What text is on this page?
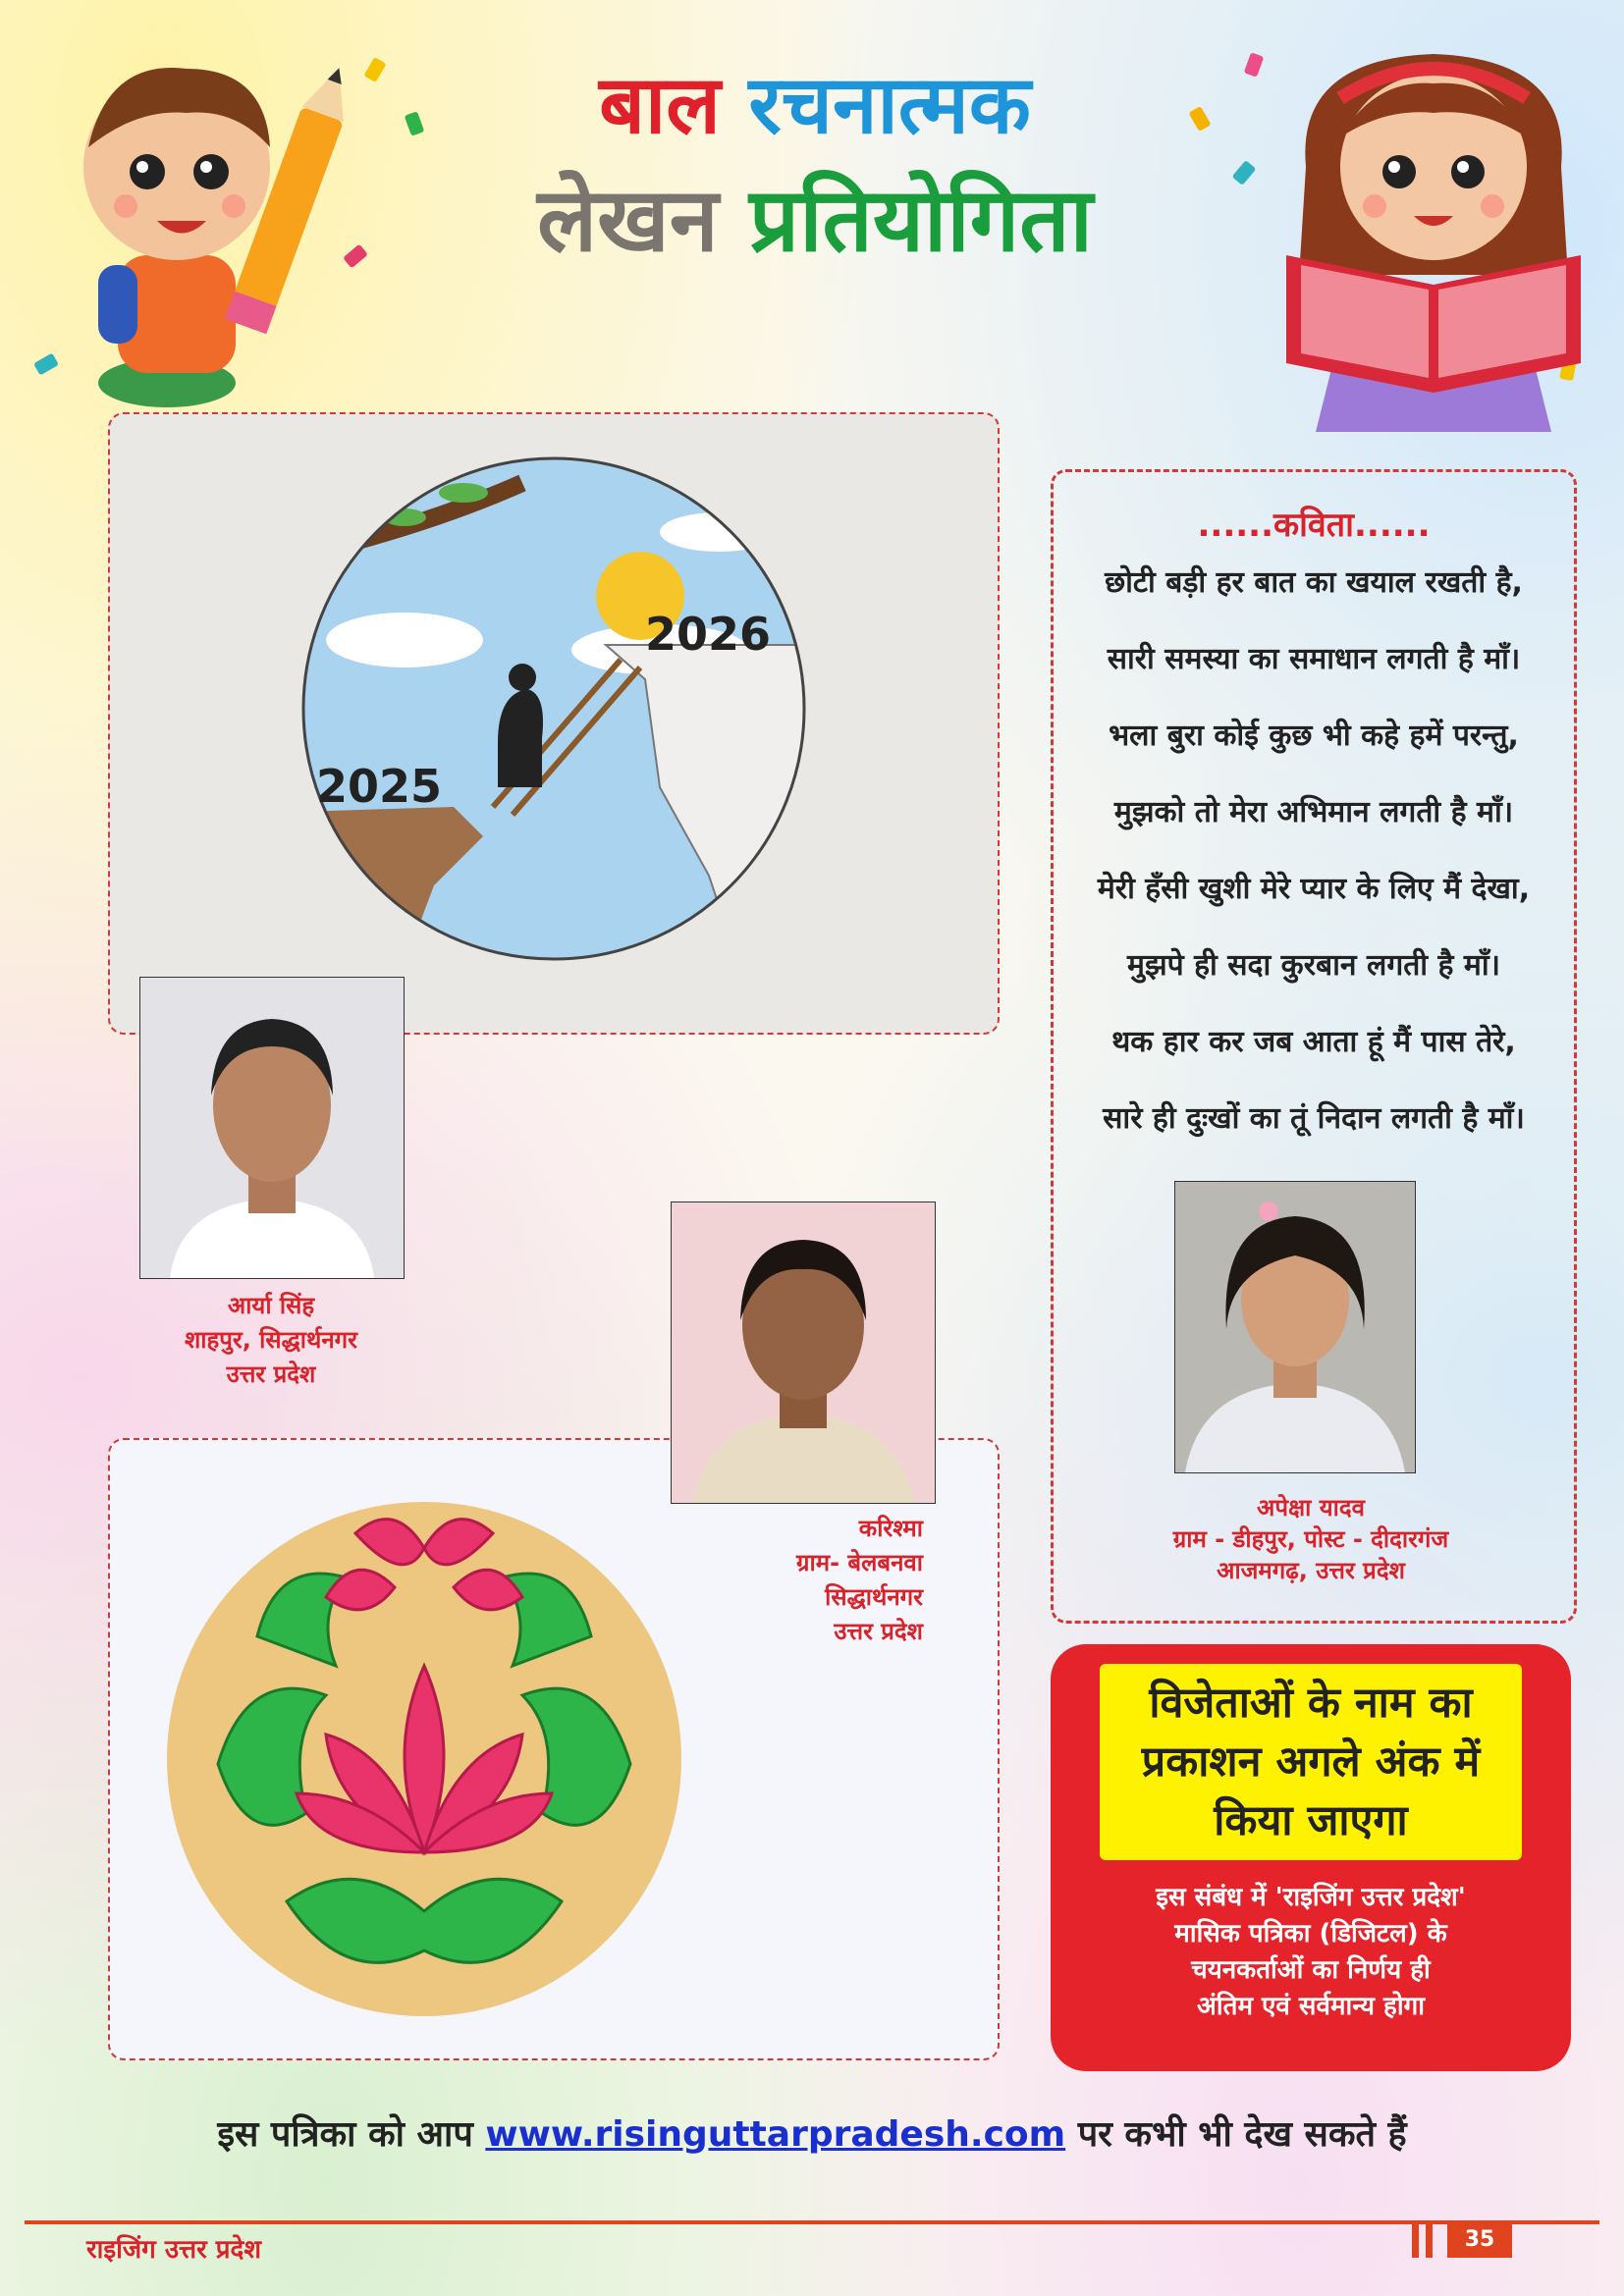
बाल रचनात्मक
लेखन प्रतियोगिता
2025
2026
आर्या सिंह
शाहपुर, सिद्धार्थनगर
उत्तर प्रदेश
करिश्मा
ग्राम- बेलबनवा
सिद्धार्थनगर
उत्तर प्रदेश
......कविता......
छोटी बड़ी हर बात का खयाल रखती है,
सारी समस्या का समाधान लगती है माँ।
भला बुरा कोई कुछ भी कहे हमें परन्तु,
मुझको तो मेरा अभिमान लगती है माँ।
मेरी हँसी खुशी मेरे प्यार के लिए मैं देखा,
मुझपे ही सदा कुरबान लगती है माँ।
थक हार कर जब आता हूं मैं पास तेरे,
सारे ही दुःखों का तूं निदान लगती है माँ।
अपेक्षा यादव
ग्राम - डीहपुर, पोस्ट - दीदारगंज
आजमगढ़, उत्तर प्रदेश
विजेताओं के नाम का
प्रकाशन अगले अंक में
किया जाएगा
इस संबंध में 'राइजिंग उत्तर प्रदेश'
मासिक पत्रिका (डिजिटल) के
चयनकर्ताओं का निर्णय ही
अंतिम एवं सर्वमान्य होगा
इस पत्रिका को आप www.risinguttarpradesh.com पर कभी भी देख सकते हैं
राइजिंग उत्तर प्रदेश	35
